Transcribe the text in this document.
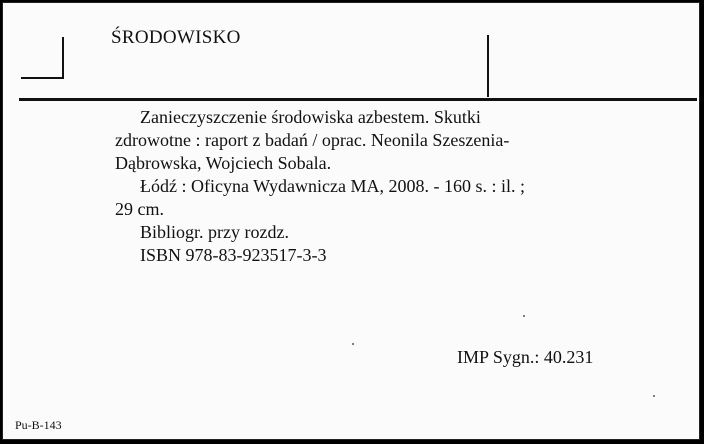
ŚRODOWISKO
Zanieczyszczenie środowiska azbestem. Skutki
zdrowotne : raport z badań / oprac. Neonila Szeszenia-
Dąbrowska, Wojciech Sobala.
Łódź : Oficyna Wydawnicza MA, 2008. - 160 s. : il. ;
29 cm.
Bibliogr. przy rozdz.
ISBN 978-83-923517-3-3
IMP Sygn.: 40.231
Pu-B-143
